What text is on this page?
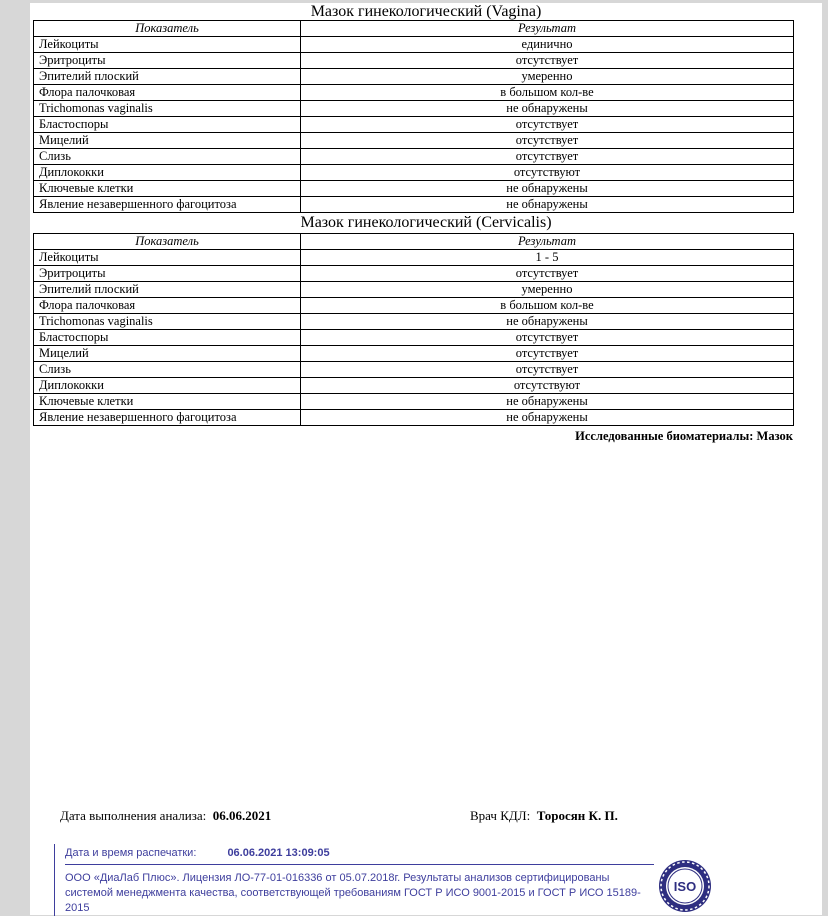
Мазок гинекологический (Vagina)
Показатель	Результат
Лейкоциты	единично
Эритроциты	отсутствует
Эпителий плоский	умеренно
Флора палочковая	в большом кол-ве
Trichomonas vaginalis	не обнаружены
Бластоспоры	отсутствует
Мицелий	отсутствует
Слизь	отсутствует
Диплококки	отсутствуют
Ключевые клетки	не обнаружены
Явление незавершенного фагоцитоза	не обнаружены
Мазок гинекологический (Cervicalis)
Показатель	Результат
Лейкоциты	1 - 5
Эритроциты	отсутствует
Эпителий плоский	умеренно
Флора палочковая	в большом кол-ве
Trichomonas vaginalis	не обнаружены
Бластоспоры	отсутствует
Мицелий	отсутствует
Слизь	отсутствует
Диплококки	отсутствуют
Ключевые клетки	не обнаружены
Явление незавершенного фагоцитоза	не обнаружены
Исследованные биоматериалы: Мазок
Дата выполнения анализа: 06.06.2021	Врач КДЛ: Торосян К. П.
Дата и время распечатки:	06.06.2021 13:09:05
ООО «ДиаЛаб Плюс». Лицензия ЛО-77-01-016336 от 05.07.2018г. Результаты анализов сертифицированы системой менеджмента качества, соответствующей требованиям ГОСТ Р ИСО 9001-2015 и ГОСТ Р ИСО 15189-2015
ISO
